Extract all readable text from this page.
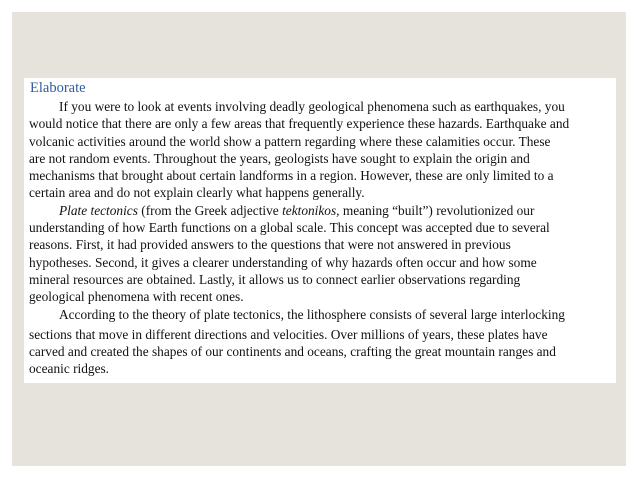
Elaborate
If you were to look at events involving deadly geological phenomena such as earthquakes, you
would notice that there are only a few areas that frequently experience these hazards. Earthquake and
volcanic activities around the world show a pattern regarding where these calamities occur. These
are not random events. Throughout the years, geologists have sought to explain the origin and
mechanisms that brought about certain landforms in a region. However, these are only limited to a
certain area and do not explain clearly what happens generally.
Plate tectonics (from the Greek adjective tektonikos, meaning “built”) revolutionized our
understanding of how Earth functions on a global scale. This concept was accepted due to several
reasons. First, it had provided answers to the questions that were not answered in previous
hypotheses. Second, it gives a clearer understanding of why hazards often occur and how some
mineral resources are obtained. Lastly, it allows us to connect earlier observations regarding
geological phenomena with recent ones.
According to the theory of plate tectonics, the lithosphere consists of several large interlocking
sections that move in different directions and velocities. Over millions of years, these plates have
carved and created the shapes of our continents and oceans, crafting the great mountain ranges and
oceanic ridges.
